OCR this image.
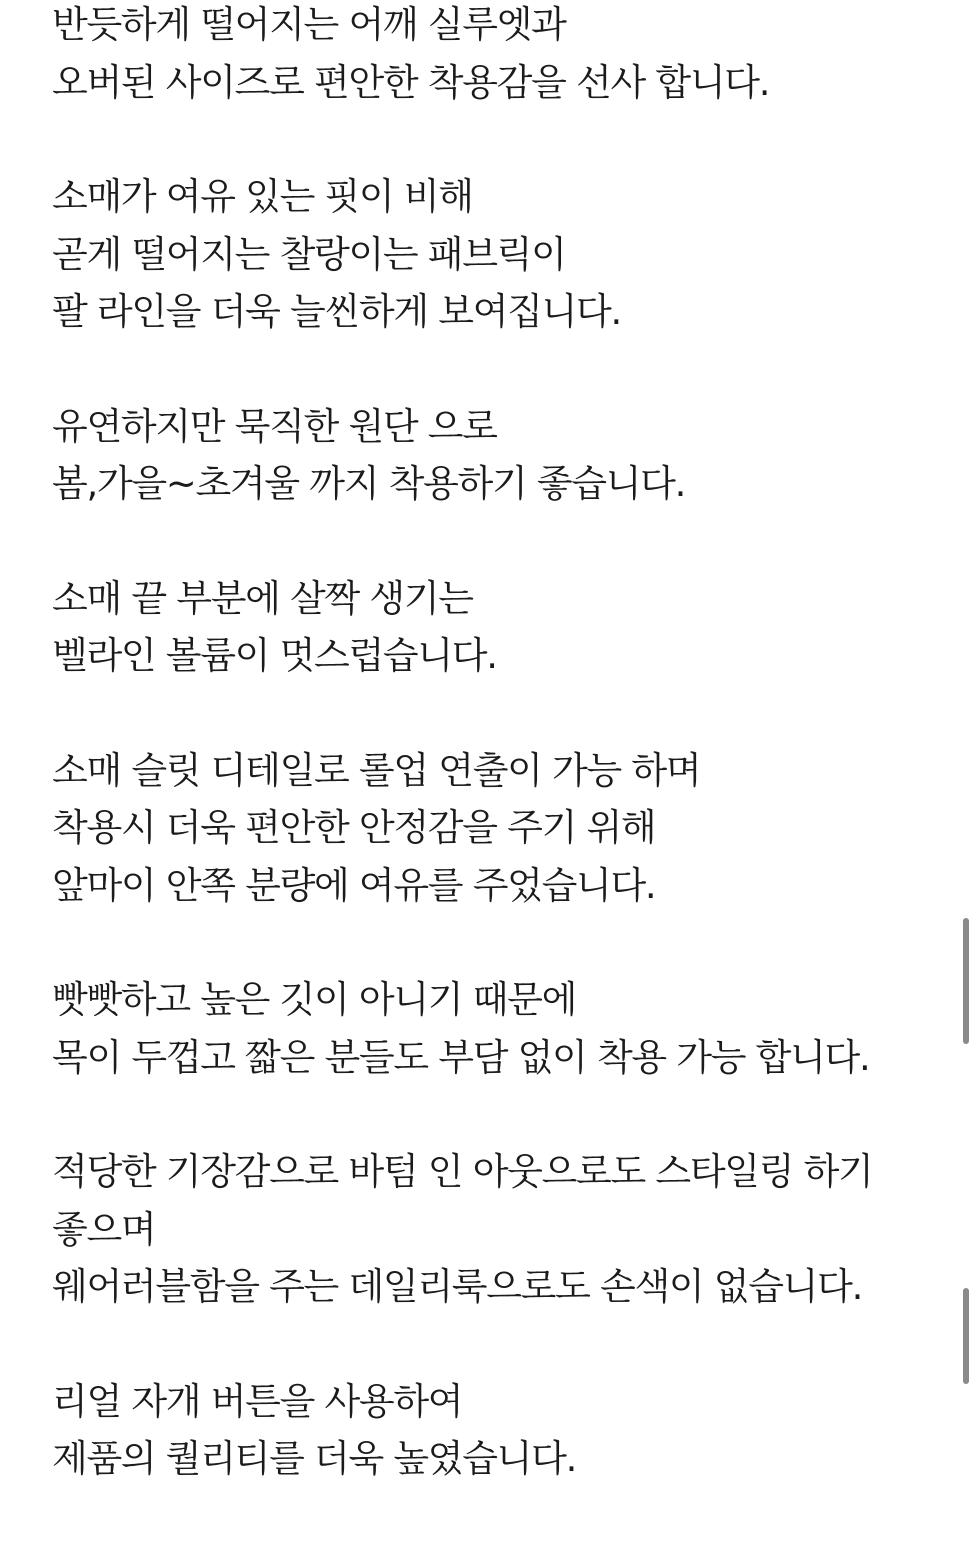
반듯하게 떨어지는 어깨 실루엣과
오버된 사이즈로 편안한 착용감을 선사 합니다.
소매가 여유 있는 핏이 비해
곧게 떨어지는 찰랑이는 패브릭이
팔 라인을 더욱 늘씬하게 보여집니다.
유연하지만 묵직한 원단 으로
봄,가을~초겨울 까지 착용하기 좋습니다.
소매 끝 부분에 살짝 생기는
벨라인 볼륨이 멋스럽습니다.
소매 슬릿 디테일로 롤업 연출이 가능 하며
착용시 더욱 편안한 안정감을 주기 위해
앞마이 안쪽 분량에 여유를 주었습니다.
빳빳하고 높은 깃이 아니기 때문에
목이 두껍고 짧은 분들도 부담 없이 착용 가능 합니다.
적당한 기장감으로 바텀 인 아웃으로도 스타일링 하기
좋으며
웨어러블함을 주는 데일리룩으로도 손색이 없습니다.
리얼 자개 버튼을 사용하여
제품의 퀄리티를 더욱 높였습니다.
